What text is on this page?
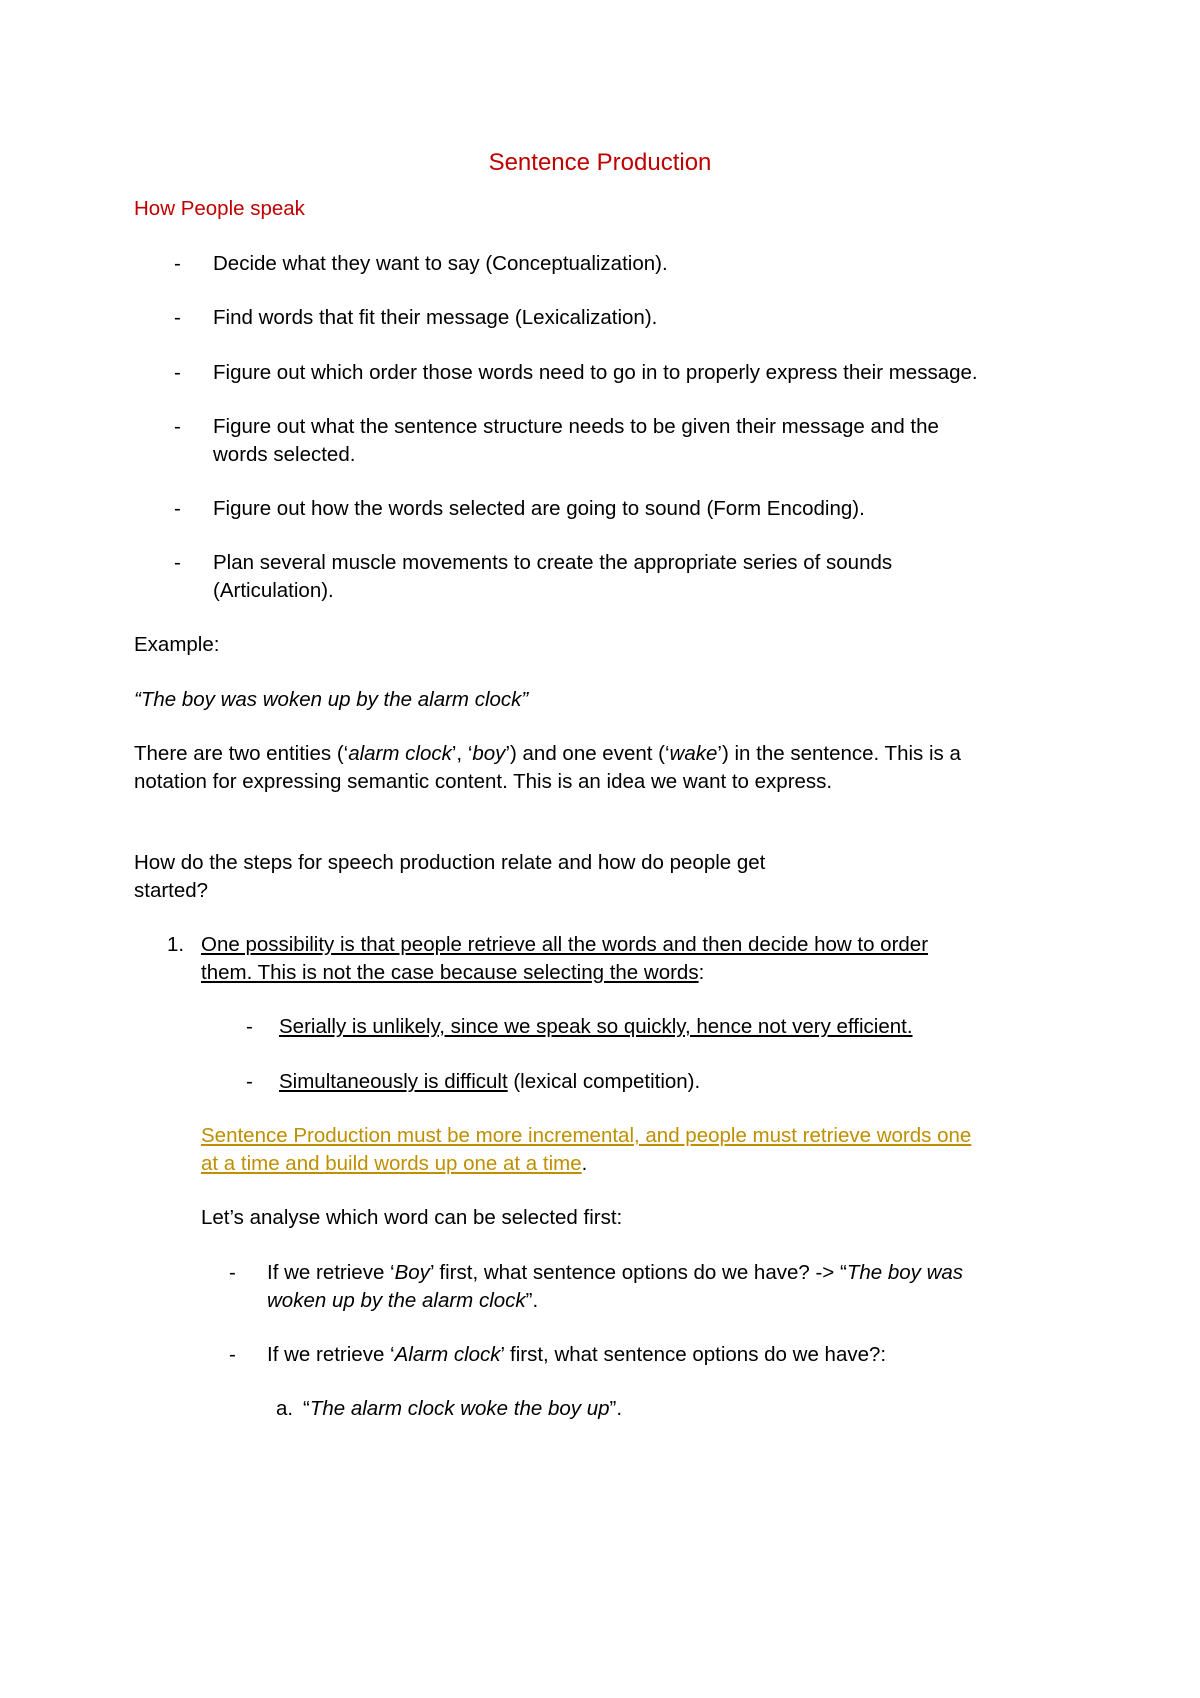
Sentence Production
How People speak
- Decide what they want to say (Conceptualization).
- Find words that fit their message (Lexicalization).
- Figure out which order those words need to go in to properly express their message.
- Figure out what the sentence structure needs to be given their message and the
words selected.
- Figure out how the words selected are going to sound (Form Encoding).
- Plan several muscle movements to create the appropriate series of sounds
(Articulation).
Example:
“The boy was woken up by the alarm clock”
There are two entities (‘alarm clock’, ‘boy’) and one event (‘wake’) in the sentence. This is a
notation for expressing semantic content. This is an idea we want to express.
How do the steps for speech production relate and how do people get
started?
1. One possibility is that people retrieve all the words and then decide how to order
them. This is not the case because selecting the words:
- Serially is unlikely, since we speak so quickly, hence not very efficient.
- Simultaneously is difficult (lexical competition).
Sentence Production must be more incremental, and people must retrieve words one
at a time and build words up one at a time.
Let’s analyse which word can be selected first:
- If we retrieve ‘Boy’ first, what sentence options do we have? -> “The boy was
woken up by the alarm clock”.
- If we retrieve ‘Alarm clock’ first, what sentence options do we have?:
a. “The alarm clock woke the boy up”.
